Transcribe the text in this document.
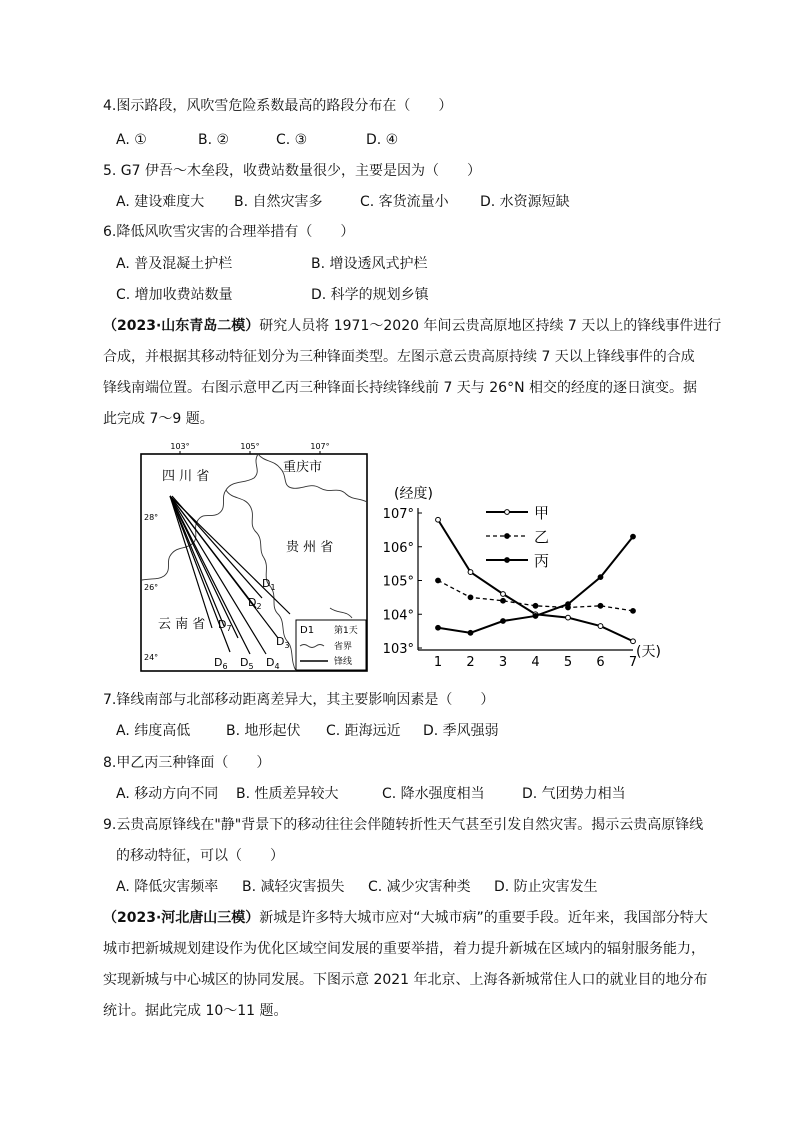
4.图示路段，风吹雪危险系数最高的路段分布在（　　）
A. ①	B. ②	C. ③	D. ④
5. G7 伊吾～木垒段，收费站数量很少，主要是因为（　　）
A. 建设难度大 B. 自然灾害多	C. 客货流量小 D. 水资源短缺
6.降低风吹雪灾害的合理举措有（　　）
A. 普及混凝土护栏	B. 增设透风式护栏
C. 增加收费站数量	D. 科学的规划乡镇
（2023·山东青岛二模）研究人员将 1971～2020 年间云贵高原地区持续 7 天以上的锋线事件进行
合成，并根据其移动特征划分为三种锋面类型。左图示意云贵高原持续 7 天以上锋线事件的合成
锋线南端位置。右图示意甲乙丙三种锋面长持续锋线前 7 天与 26°N 相交的经度的逐日演变。据
此完成 7～9 题。
103°	105°	107°
28°
26°
24°
四 川 省
重庆市
贵 州 省
云 南 省
$D_1$
$D_2$
$D_3$
$D_4$
$D_5$
$D_6$
$D_7$	D1 第1天
省界
锋线
(经度)
(天)
103°
104°
105°
106°
107°
1 2 3 4 5 6 7
甲
乙
丙
7.锋线南部与北部移动距离差异大，其主要影响因素是（　　）
A. 纬度高低	B. 地形起伏 C. 距海远近 D. 季风强弱
8.甲乙丙三种锋面（　　）
A. 移动方向不同 B. 性质差异较大	C. 降水强度相当	D. 气团势力相当
9.云贵高原锋线在"静"背景下的移动往往会伴随转折性天气甚至引发自然灾害。揭示云贵高原锋线
的移动特征，可以（　　）
A. 降低灾害频率 B. 减轻灾害损失 C. 减少灾害种类 D. 防止灾害发生
（2023·河北唐山三模）新城是许多特大城市应对“大城市病”的重要手段。近年来，我国部分特大
城市把新城规划建设作为优化区域空间发展的重要举措，着力提升新城在区域内的辐射服务能力，
实现新城与中心城区的协同发展。下图示意 2021 年北京、上海各新城常住人口的就业目的地分布
统计。据此完成 10～11 题。
